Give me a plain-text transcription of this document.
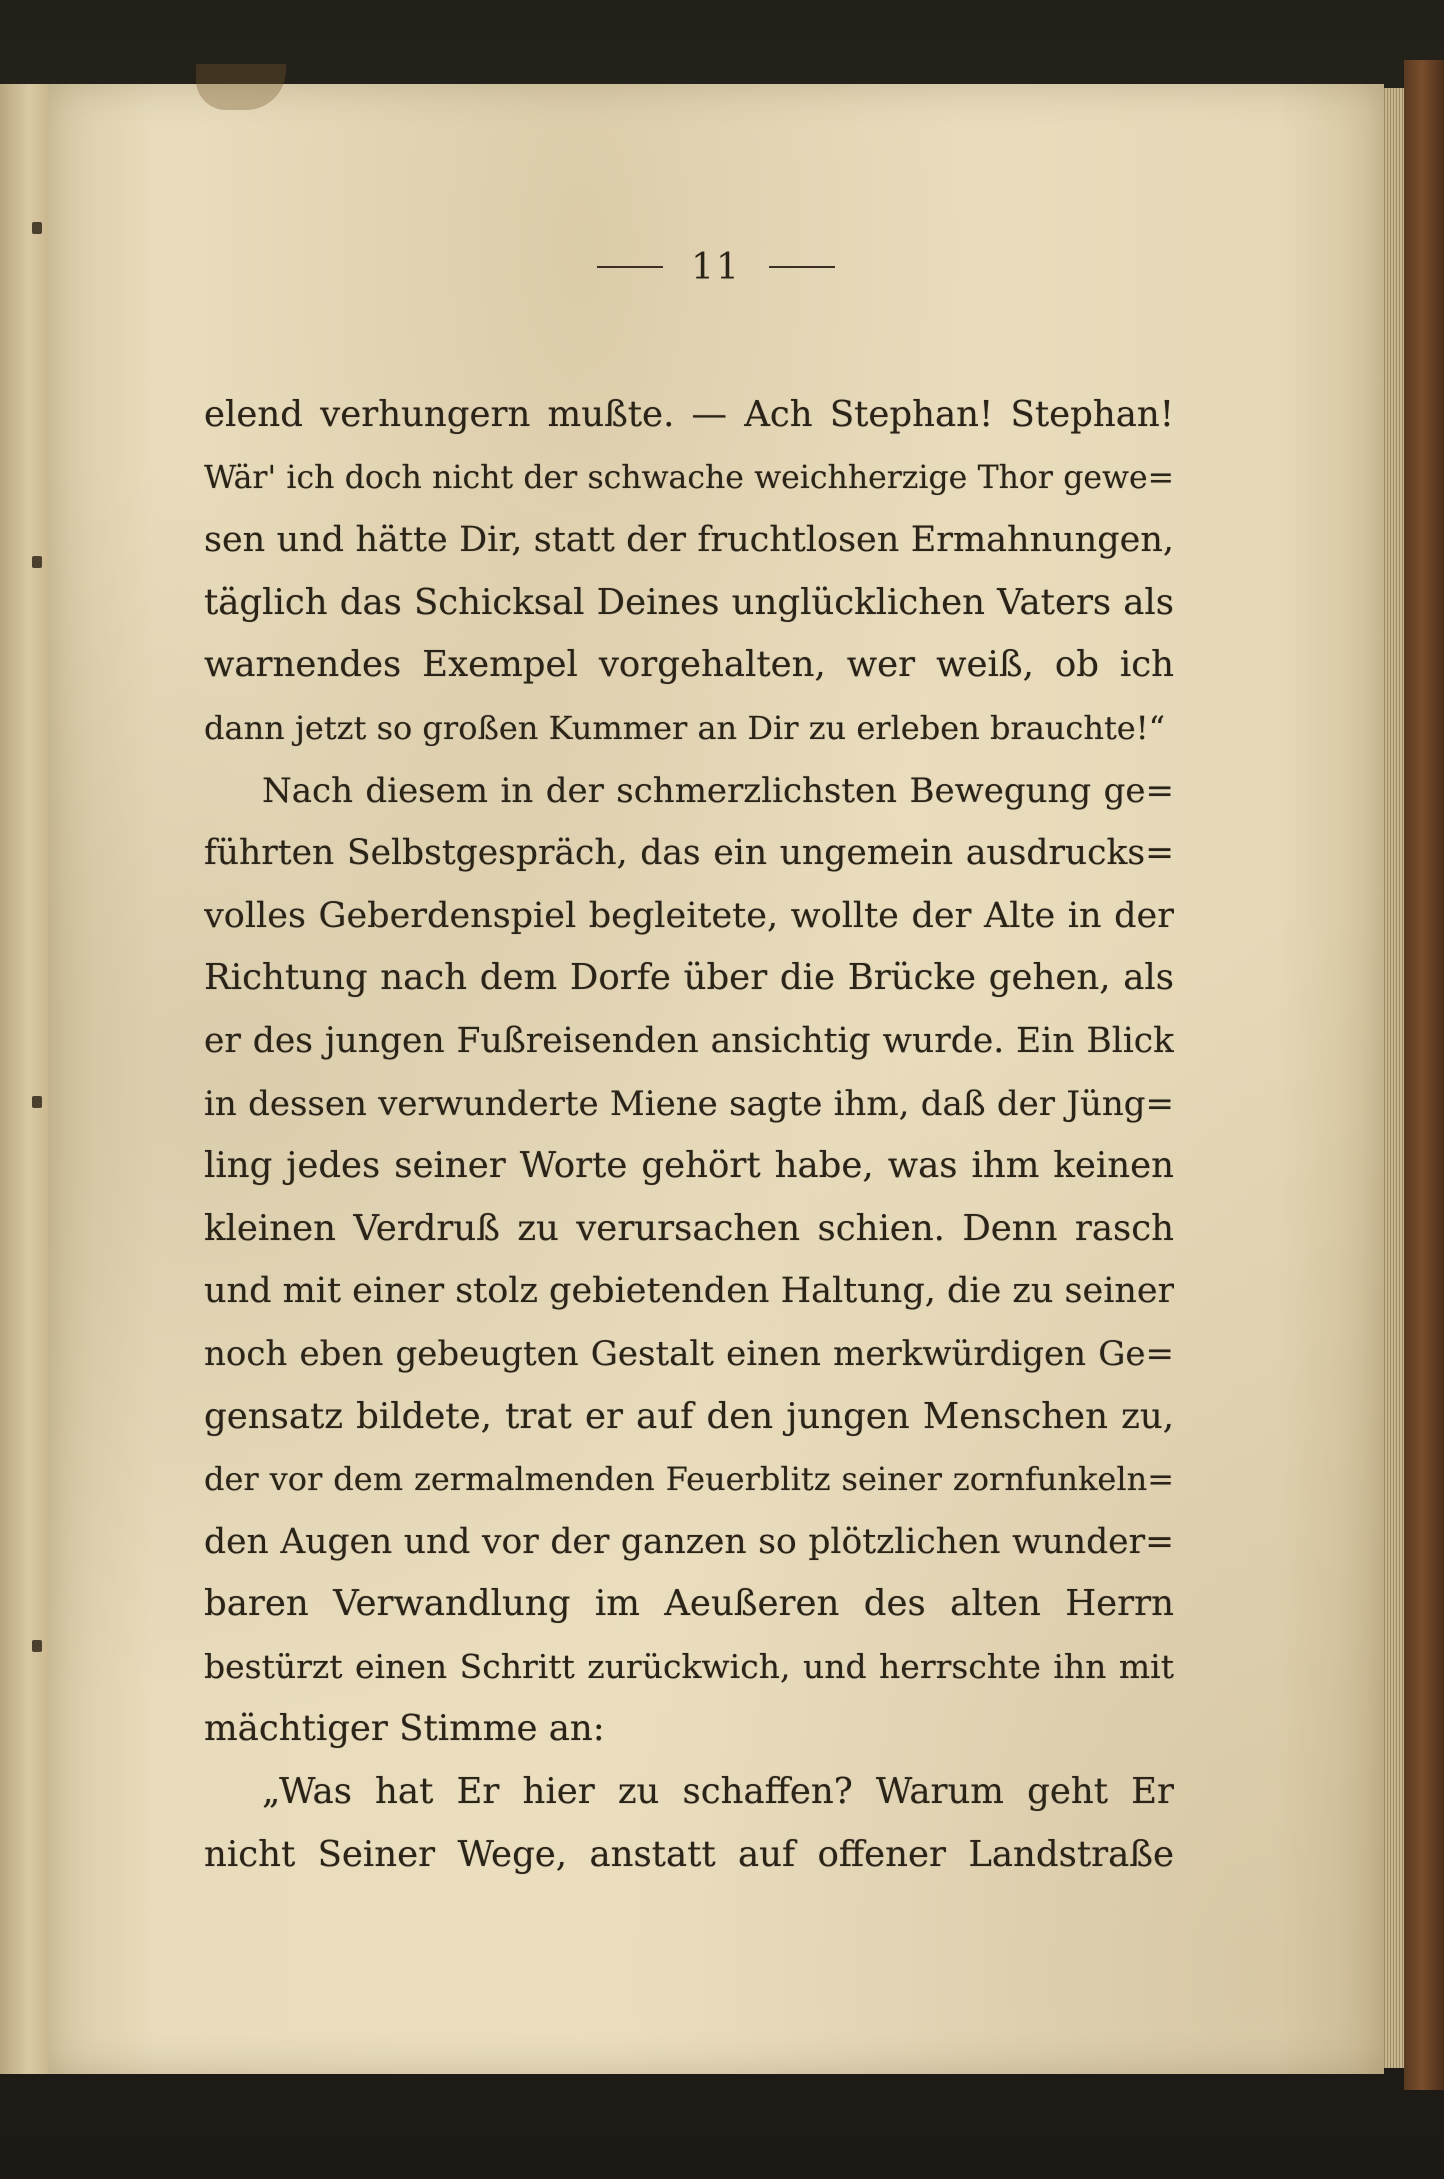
11
elend verhungern mußte. — Ach Stephan! Stephan!
Wär' ich doch nicht der schwache weichherzige Thor gewe=
sen und hätte Dir, statt der fruchtlosen Ermahnungen,
täglich das Schicksal Deines unglücklichen Vaters als
warnendes Exempel vorgehalten, wer weiß, ob ich
dann jetzt so großen Kummer an Dir zu erleben brauchte!“
Nach diesem in der schmerzlichsten Bewegung ge=
führten Selbstgespräch, das ein ungemein ausdrucks=
volles Geberdenspiel begleitete, wollte der Alte in der
Richtung nach dem Dorfe über die Brücke gehen, als
er des jungen Fußreisenden ansichtig wurde. Ein Blick
in dessen verwunderte Miene sagte ihm, daß der Jüng=
ling jedes seiner Worte gehört habe, was ihm keinen
kleinen Verdruß zu verursachen schien. Denn rasch
und mit einer stolz gebietenden Haltung, die zu seiner
noch eben gebeugten Gestalt einen merkwürdigen Ge=
gensatz bildete, trat er auf den jungen Menschen zu,
der vor dem zermalmenden Feuerblitz seiner zornfunkeln=
den Augen und vor der ganzen so plötzlichen wunder=
baren Verwandlung im Aeußeren des alten Herrn
bestürzt einen Schritt zurückwich, und herrschte ihn mit
mächtiger Stimme an:
„Was hat Er hier zu schaffen? Warum geht Er
nicht Seiner Wege, anstatt auf offener Landstraße
